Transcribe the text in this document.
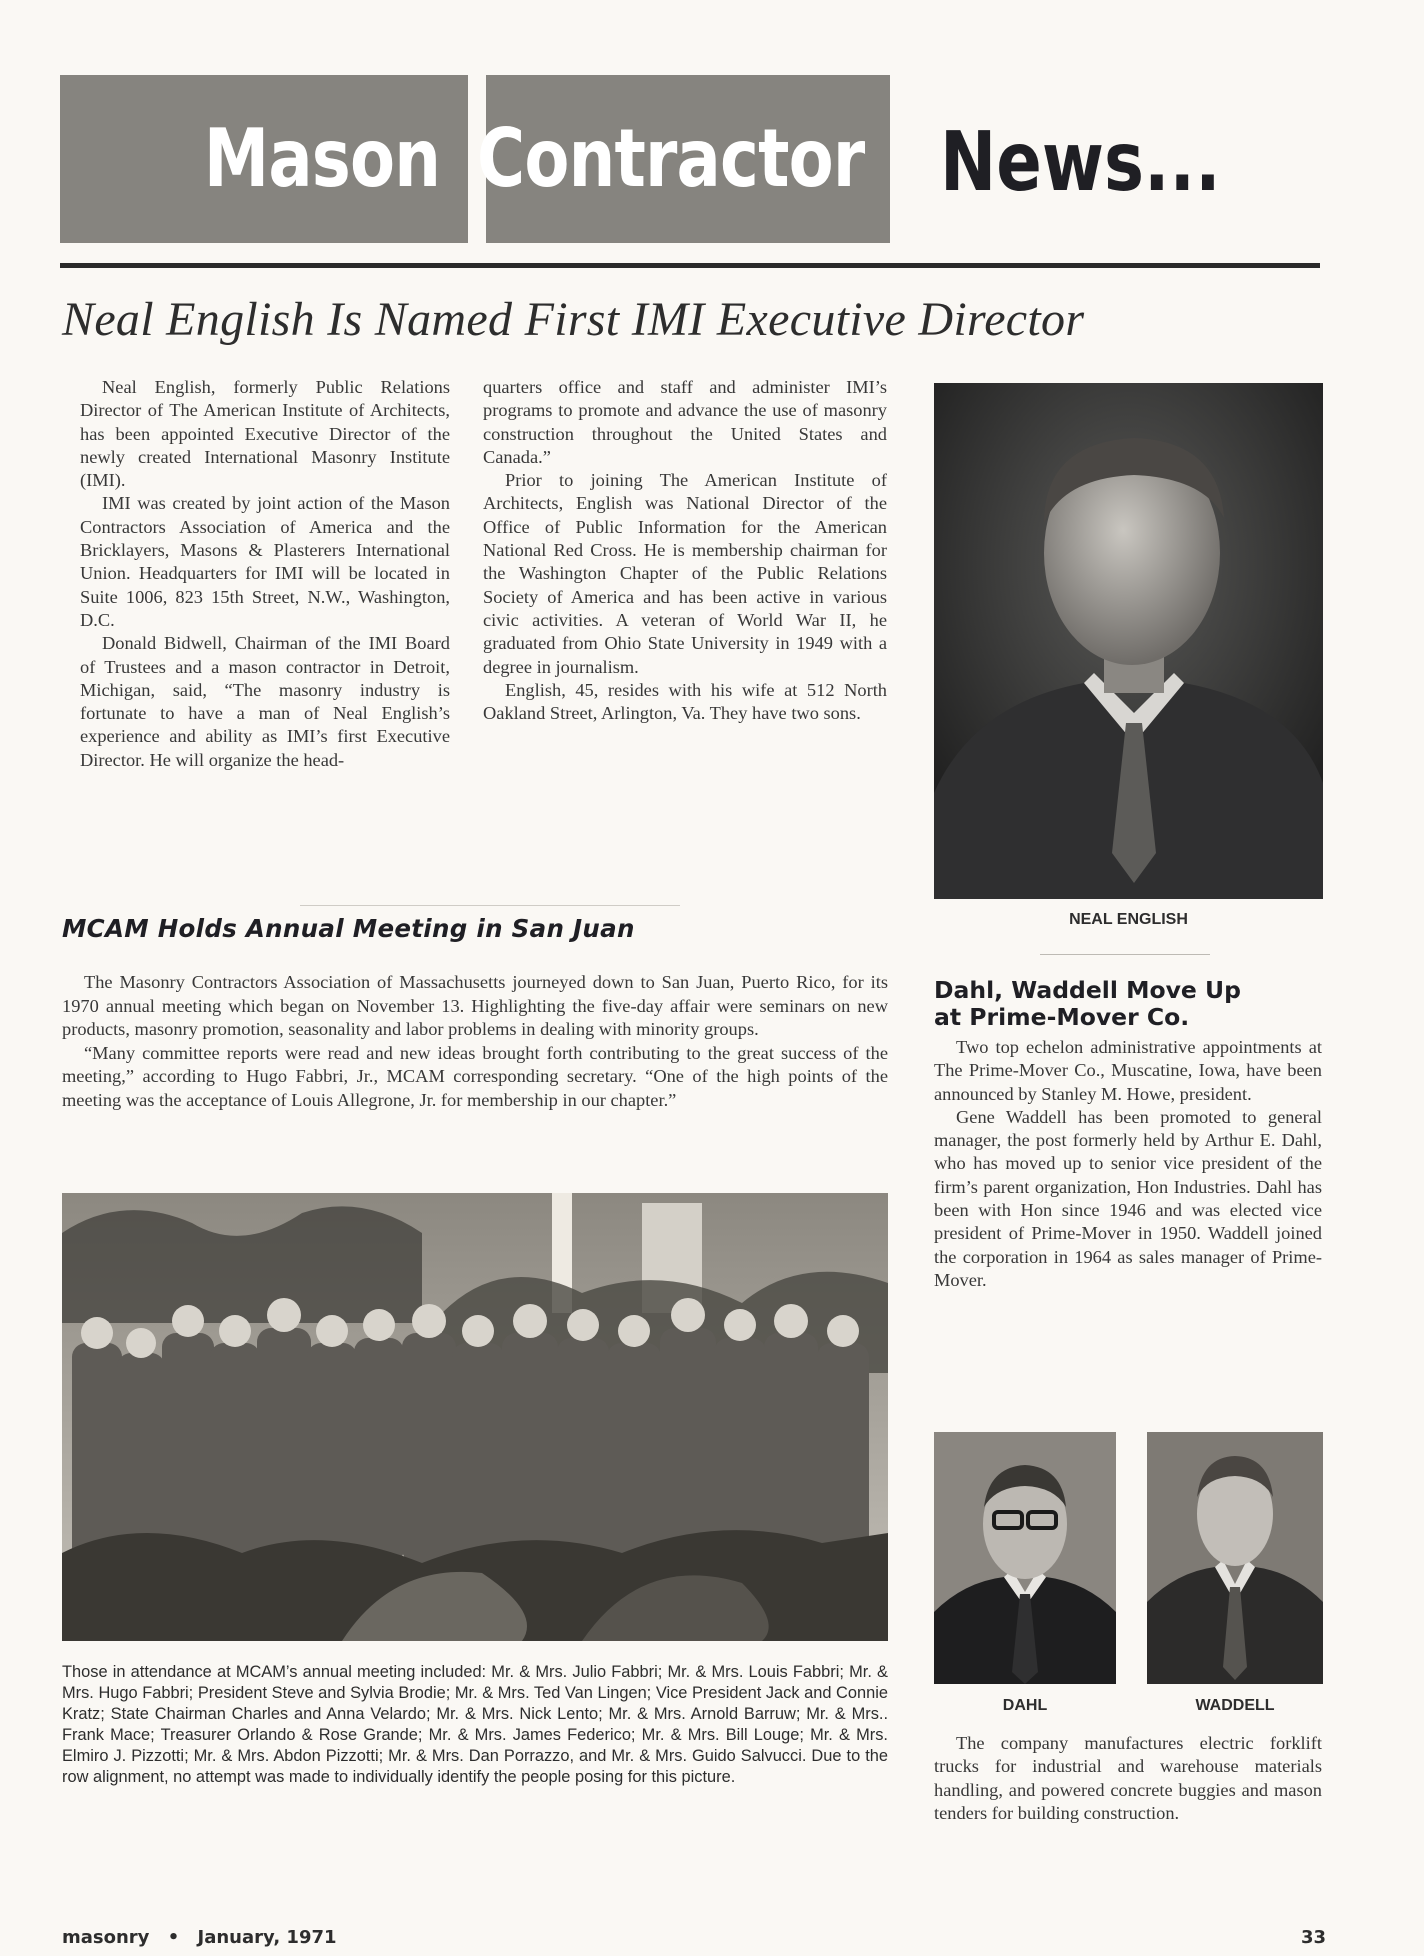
Mason Contractor News...
Neal English Is Named First IMI Executive Director

Neal English, formerly Public Relations Director of The American Institute of Architects, has been appointed Executive Director of the newly created International Masonry Institute (IMI).

IMI was created by joint action of the Mason Contractors Association of America and the Bricklayers, Masons & Plasterers International Union. Headquarters for IMI will be located in Suite 1006, 823 15th Street, N.W., Washington, D.C.

Donald Bidwell, Chairman of the IMI Board of Trustees and a mason contractor in Detroit, Michigan, said, “The masonry industry is fortunate to have a man of Neal English’s experience and ability as IMI’s first Executive Director. He will organize the head-

quarters office and staff and administer IMI’s programs to promote and advance the use of masonry construction throughout the United States and Canada.”

Prior to joining The American Institute of Architects, English was National Director of the Office of Public Information for the American National Red Cross. He is membership chairman for the Washington Chapter of the Public Relations Society of America and has been active in various civic activities. A veteran of World War II, he graduated from Ohio State University in 1949 with a degree in journalism.

English, 45, resides with his wife at 512 North Oakland Street, Arlington, Va. They have two sons.

NEAL ENGLISH
MCAM Holds Annual Meeting in San Juan

The Masonry Contractors Association of Massachusetts journeyed down to San Juan, Puerto Rico, for its 1970 annual meeting which began on November 13. Highlighting the five-day affair were seminars on new products, masonry promotion, seasonality and labor problems in dealing with minority groups.

“Many committee reports were read and new ideas brought forth contributing to the great success of the meeting,” according to Hugo Fabbri, Jr., MCAM corresponding secretary. “One of the high points of the meeting was the acceptance of Louis Allegrone, Jr. for membership in our chapter.”

Those in attendance at MCAM’s annual meeting included: Mr. & Mrs. Julio Fabbri; Mr. & Mrs. Louis Fabbri; Mr. & Mrs. Hugo Fabbri; President Steve and Sylvia Brodie; Mr. & Mrs. Ted Van Lingen; Vice President Jack and Connie Kratz; State Chairman Charles and Anna Velardo; Mr. & Mrs. Nick Lento; Mr. & Mrs. Arnold Barruw; Mr. & Mrs.. Frank Mace; Treasurer Orlando & Rose Grande; Mr. & Mrs. James Federico; Mr. & Mrs. Bill Louge; Mr. & Mrs. Elmiro J. Pizzotti; Mr. & Mrs. Abdon Pizzotti; Mr. & Mrs. Dan Porrazzo, and Mr. & Mrs. Guido Salvucci. Due to the row alignment, no attempt was made to individually identify the people posing for this picture.
Dahl, Waddell Move Up
at Prime-Mover Co.

Two top echelon administrative appointments at The Prime-Mover Co., Muscatine, Iowa, have been announced by Stanley M. Howe, president.

Gene Waddell has been promoted to general manager, the post formerly held by Arthur E. Dahl, who has moved up to senior vice president of the firm’s parent organization, Hon Industries. Dahl has been with Hon since 1946 and was elected vice president of Prime-Mover in 1950. Waddell joined the corporation in 1964 as sales manager of Prime-Mover.

DAHL	WADDELL

The company manufactures electric forklift trucks for industrial and warehouse materials handling, and powered concrete buggies and mason tenders for building construction.

masonry • January, 1971	33
